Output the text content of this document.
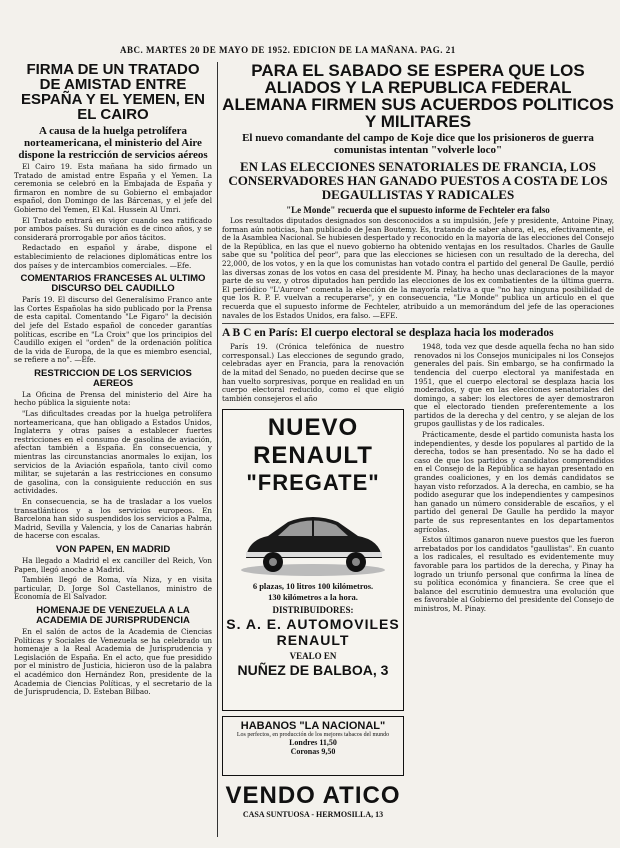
ABC. MARTES 20 DE MAYO DE 1952. EDICION DE LA MAÑANA. PAG. 21
FIRMA DE UN TRATADO DE AMISTAD ENTRE ESPAÑA Y EL YEMEN, EN EL CAIRO
A causa de la huelga petrolífera norteamericana, el ministerio del Aire dispone la restricción de servicios aéreos

El Cairo 19. Esta mañana ha sido firmado un Tratado de amistad entre España y el Yemen. La ceremonia se celebró en la Embajada de España y firmaron en nombre de su Gobierno el embajador español, don Domingo de las Bárcenas, y el jefe del Gobierno del Yemen, El Kal. Hussein Al Umri.

El Tratado entrará en vigor cuando sea ratificado por ambos países. Su duración es de cinco años, y se considerará prorrogable por años tácitos.

Redactado en español y árabe, dispone el establecimiento de relaciones diplomáticas entre los dos países y de intercambios comerciales. —Efe.

COMENTARIOS FRANCESES AL ULTIMO DISCURSO DEL CAUDILLO

París 19. El discurso del Generalísimo Franco ante las Cortes Españolas ha sido publicado por la Prensa de esta capital. Comentando "Le Figaro" la decisión del jefe del Estado español de conceder garantías políticas, escribe en "La Croix" que los principios del Caudillo exigen el "orden" de la ordenación política de la vida de Europa, de la que es miembro esencial, se refiere a no". —Efe.

RESTRICCION DE LOS SERVICIOS AEREOS

La Oficina de Prensa del ministerio del Aire ha hecho pública la siguiente nota:

"Las dificultades creadas por la huelga petrolífera norteamericana, que han obligado a Estados Unidos, Inglaterra y otras países a establecer fuertes restricciones en el consumo de gasolina de aviación, afectan también a España. En consecuencia, y mientras las circunstancias anormales lo exijan, los servicios de la Aviación española, tanto civil como militar, se sujetarán a las restricciones en consumo de gasolina, con la consiguiente reducción en sus actividades.

En consecuencia, se ha de trasladar a los vuelos transatlánticos y a los servicios europeos. En Barcelona han sido suspendidos los servicios a Palma, Madrid, Sevilla y Valencia, y los de Canarias habrán de hacerse con escalas.

VON PAPEN, EN MADRID

Ha llegado a Madrid el ex canciller del Reich, Von Papen, llegó anoche a Madrid.

También llegó de Roma, vía Niza, y en visita particular, D. Jorge Sol Castellanos, ministro de Economía de El Salvador.

HOMENAJE DE VENEZUELA A LA ACADEMIA DE JURISPRUDENCIA

En el salón de actos de la Academia de Ciencias Políticas y Sociales de Venezuela se ha celebrado un homenaje a la Real Academia de Jurisprudencia y Legislación de España. En el acto, que fue presidido por el ministro de Justicia, hicieron uso de la palabra el académico don Hernández Ron, presidente de la Academia de Ciencias Políticas, y el secretario de la de Jurisprudencia, D. Esteban Bilbao.

PARA EL SABADO SE ESPERA QUE LOS ALIADOS Y LA REPUBLICA FEDERAL ALEMANA FIRMEN SUS ACUERDOS POLITICOS Y MILITARES
El nuevo comandante del campo de Koje dice que los prisioneros de guerra comunistas intentan "volverle loco"
EN LAS ELECCIONES SENATORIALES DE FRANCIA, LOS CONSERVADORES HAN GANADO PUESTOS A COSTA DE LOS DEGAULLISTAS Y RADICALES
"Le Monde" recuerda que el supuesto informe de Fechteler era falso

Los resultados diputados designados son desconocidos a su impulsión, Jefe y presidente, Antoine Pinay, forman aún noticias, han publicado de Jean Boutemy. Es, tratando de saber ahora, el, es, efectivamente, el de la Asamblea Nacional. Se hubiesen despertado y reconocido en la mayoría de las elecciones del Consejo de la República, en las que el nuevo gobierno ha obtenido ventajas en los resultados. Charles de Gaulle sabe que su "política del peor", para que las elecciones se hiciesen con un resultado de la derecha, del 22,000, de los votos, y en la que los comunistas han votado contra el partido del general De Gaulle, perdió las diversas zonas de los votos en casa del presidente M. Pinay, ha hecho unas declaraciones de la mayor parte de su vez, y otros diputados han perdido las elecciones de los ex combatientes de la última guerra. El periódico "L'Aurore" comenta la elección de la mayoría relativa a que "no hay ninguna posibilidad de que los R. P. F. vuelvan a recuperarse", y en consecuencia, "Le Monde" publica un artículo en el que recuerda que el supuesto informe de Fechteler, atribuido a un memorándum del jefe de las operaciones navales de los Estados Unidos, era falso. —EFE.

A B C en París: El cuerpo electoral se desplaza hacia los moderados

París 19. (Crónica telefónica de nuestro corresponsal.) Las elecciones de segundo grado, celebradas ayer en Francia, para la renovación de la mitad del Senado, no pueden decirse que se han vuelto sorpresivas, porque en realidad en un cuerpo electoral reducido, como el que eligió también consejeros el año

NUEVO RENAULT
"FREGATE"
6 plazas, 10 litros 100 kilómetros.
130 kilómetros a la hora.
DISTRIBUIDORES:
S. A. E. AUTOMOVILES RENAULT
VEALO EN
NUÑEZ DE BALBOA, 3
HABANOS "LA NACIONAL"
Los perfectos, en producción de los mejores tabacos del mundo
Londres 11,50
Coronas 9,50
VENDO ATICO
CASA SUNTUOSA - HERMOSILLA, 13

1948, toda vez que desde aquella fecha no han sido renovados ni los Consejos municipales ni los Consejos generales del país. Sin embargo, se ha confirmado la tendencia del cuerpo electoral ya manifestada en 1951, que el cuerpo electoral se desplaza hacia los moderados, y que en las elecciones senatoriales del domingo, a saber: los electores de ayer demostraron que el electorado tienden preferentemente a los partidos de la derecha y del centro, y se alejan de los grupos gaullistas y de los radicales.

Prácticamente, desde el partido comunista hasta los independientes, y desde los populares al partido de la derecha, todos se han presentado. No se ha dado el caso de que los partidos y candidatos comprendidos en el Consejo de la República se hayan presentado en grandes coaliciones, y en los demás candidatos se hayan visto reforzados. A la derecha, en cambio, se ha podido asegurar que los independientes y campesinos han ganado un número considerable de escaños, y el partido del general De Gaulle ha perdido la mayor parte de sus representantes en los departamentos agrícolas.

Estos últimos ganaron nueve puestos que les fueron arrebatados por los candidatos "gaullistas". En cuanto a los radicales, el resultado es evidentemente muy favorable para los partidos de la derecha, y Pinay ha logrado un triunfo personal que confirma la línea de su política económica y financiera. Se cree que el balance del escrutinio demuestra una evolución que es favorable al Gobierno del presidente del Consejo de ministros, M. Pinay.
